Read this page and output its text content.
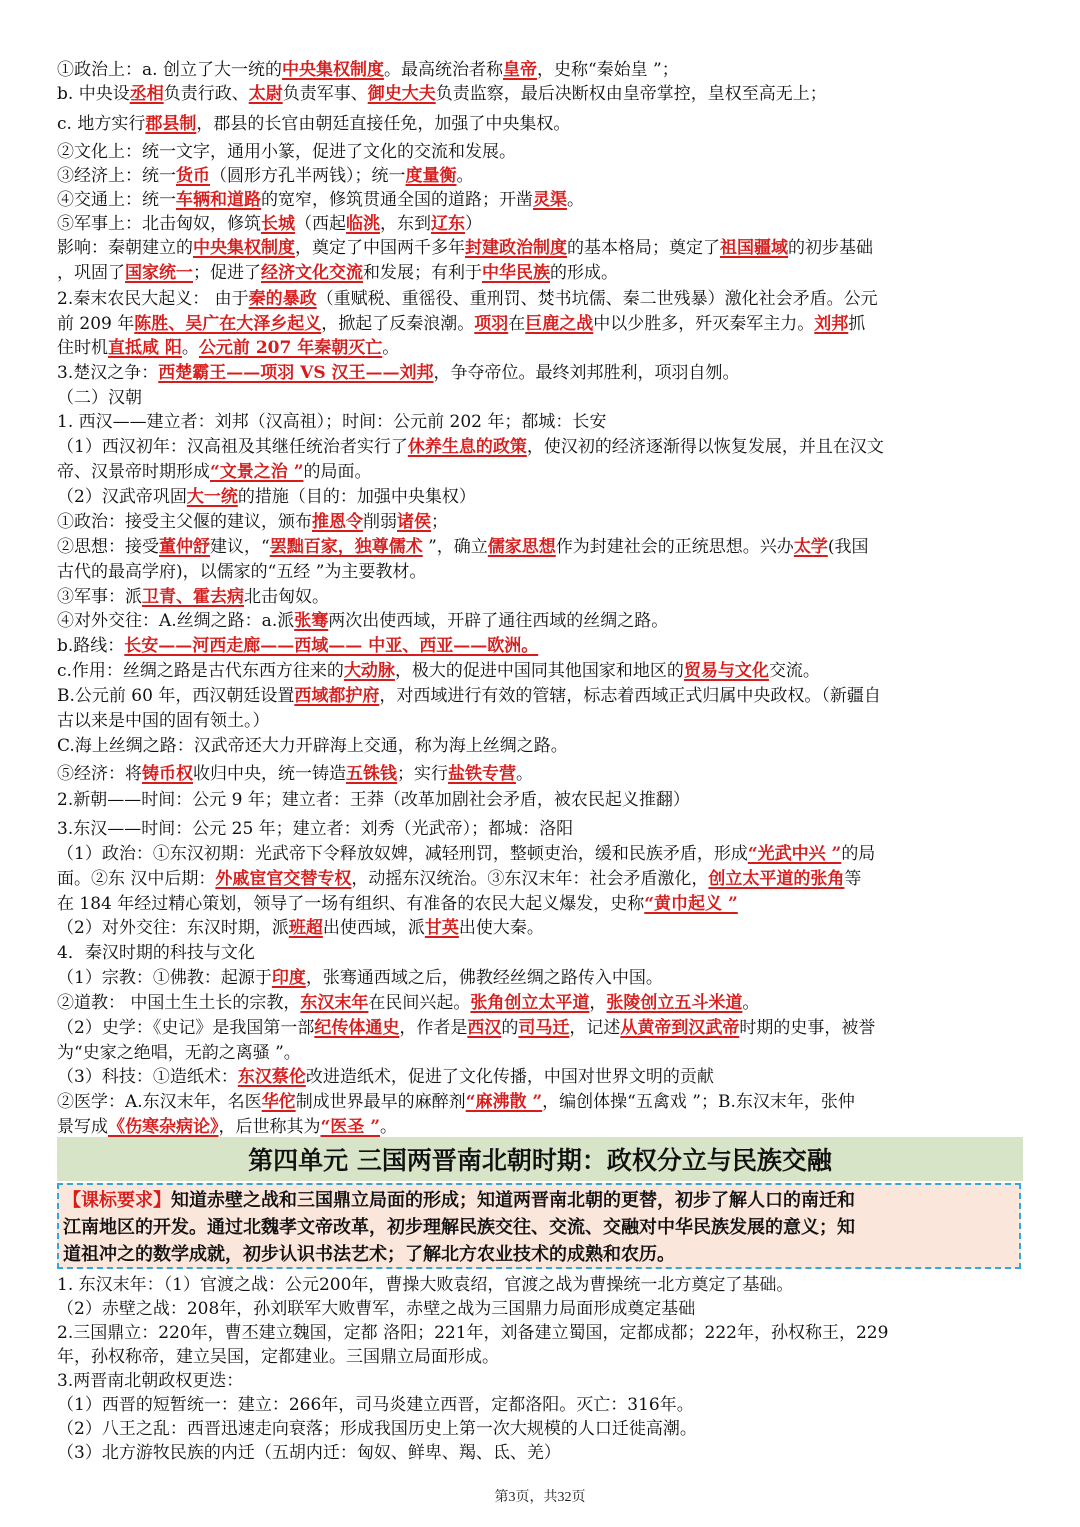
①政治上：a. 创立了大一统的中央集权制度。最高统治者称皇帝，史称“秦始皇 ”；
b. 中央设丞相负责行政、太尉负责军事、御史大夫负责监察，最后决断权由皇帝掌控，皇权至高无上；
c. 地方实行郡县制，郡县的长官由朝廷直接任免，加强了中央集权。
②文化上：统一文字，通用小篆，促进了文化的交流和发展。
③经济上：统一货币（圆形方孔半两钱）；统一度量衡。
④交通上：统一车辆和道路的宽窄，修筑贯通全国的道路；开凿灵渠。
⑤军事上：北击匈奴，修筑长城（西起临洮，东到辽东）
影响：秦朝建立的中央集权制度，奠定了中国两千多年封建政治制度的基本格局；奠定了祖国疆域的初步基础
，巩固了国家统一；促进了经济文化交流和发展；有利于中华民族的形成。
2.秦末农民大起义： 由于秦的暴政（重赋税、重徭役、重刑罚、焚书坑儒、秦二世残暴）激化社会矛盾。公元
前 209 年陈胜、吴广在大泽乡起义，掀起了反秦浪潮。项羽在巨鹿之战中以少胜多，歼灭秦军主力。刘邦抓
住时机直抵咸 阳。公元前 207 年秦朝灭亡。
3.楚汉之争：西楚霸王——项羽 VS 汉王——刘邦，争夺帝位。最终刘邦胜利，项羽自刎。
（二）汉朝
1. 西汉——建立者：刘邦（汉高祖）；时间：公元前 202 年；都城：长安
（1）西汉初年：汉高祖及其继任统治者实行了休养生息的政策，使汉初的经济逐渐得以恢复发展，并且在汉文
帝、汉景帝时期形成“文景之治 ”的局面。
（2）汉武帝巩固大一统的措施（目的：加强中央集权）
①政治：接受主父偃的建议，颁布推恩令削弱诸侯；
②思想：接受董仲舒建议，“罢黜百家，独尊儒术 ”，确立儒家思想作为封建社会的正统思想。兴办太学(我国
古代的最高学府)，以儒家的“五经 ”为主要教材。
③军事：派卫青、霍去病北击匈奴。
④对外交往：A.丝绸之路：a.派张骞两次出使西域，开辟了通往西域的丝绸之路。
b.路线：长安——河西走廊——西域—— 中亚、西亚——欧洲。
c.作用：丝绸之路是古代东西方往来的大动脉，极大的促进中国同其他国家和地区的贸易与文化交流。
B.公元前 60 年，西汉朝廷设置西域都护府，对西域进行有效的管辖，标志着西域正式归属中央政权。（新疆自
古以来是中国的固有领土。）
C.海上丝绸之路：汉武帝还大力开辟海上交通，称为海上丝绸之路。
⑤经济：将铸币权收归中央，统一铸造五铢钱；实行盐铁专营。
2.新朝——时间：公元 9 年；建立者：王莽（改革加剧社会矛盾，被农民起义推翻）
3.东汉——时间：公元 25 年；建立者：刘秀（光武帝）；都城：洛阳
（1）政治：①东汉初期：光武帝下令释放奴婢，减轻刑罚，整顿吏治，缓和民族矛盾，形成“光武中兴 ”的局
面。②东 汉中后期：外戚宦官交替专权，动摇东汉统治。③东汉末年：社会矛盾激化，创立太平道的张角等
在 184 年经过精心策划，领导了一场有组织、有准备的农民大起义爆发，史称“黄巾起义 ”
（2）对外交往：东汉时期，派班超出使西域，派甘英出使大秦。
4．秦汉时期的科技与文化
（1）宗教：①佛教：起源于印度，张骞通西域之后，佛教经丝绸之路传入中国。
②道教： 中国土生土长的宗教，东汉末年在民间兴起。张角创立太平道，张陵创立五斗米道。
（2）史学：《史记》是我国第一部纪传体通史，作者是西汉的司马迁，记述从黄帝到汉武帝时期的史事，被誉
为“史家之绝唱，无韵之离骚 ”。
（3）科技：①造纸术：东汉蔡伦改进造纸术，促进了文化传播，中国对世界文明的贡献
②医学：A.东汉末年，名医华佗制成世界最早的麻醉剂“麻沸散 ”，编创体操“五禽戏 ”；B.东汉末年，张仲
景写成《伤寒杂病论》，后世称其为“医圣 ”。
1. 东汉末年：（1）官渡之战：公元200年，曹操大败袁绍，官渡之战为曹操统一北方奠定了基础。
（2）赤壁之战：208年，孙刘联军大败曹军，赤壁之战为三国鼎力局面形成奠定基础
2.三国鼎立：220年，曹丕建立魏国，定都 洛阳；221年，刘备建立蜀国，定都成都；222年，孙权称王，229
年，孙权称帝，建立吴国，定都建业。三国鼎立局面形成。
3.两晋南北朝政权更迭：
（1）西晋的短暂统一：建立：266年，司马炎建立西晋，定都洛阳。灭亡：316年。
（2）八王之乱：西晋迅速走向衰落；形成我国历史上第一次大规模的人口迁徙高潮。
（3）北方游牧民族的内迁（五胡内迁：匈奴、鲜卑、羯、氐、羌）
第四单元 三国两晋南北朝时期：政权分立与民族交融
【课标要求】知道赤壁之战和三国鼎立局面的形成；知道两晋南北朝的更替，初步了解人口的南迁和
江南地区的开发。通过北魏孝文帝改革，初步理解民族交往、交流、交融对中华民族发展的意义；知
道祖冲之的数学成就，初步认识书法艺术；了解北方农业技术的成熟和农历。
第3页，共32页
